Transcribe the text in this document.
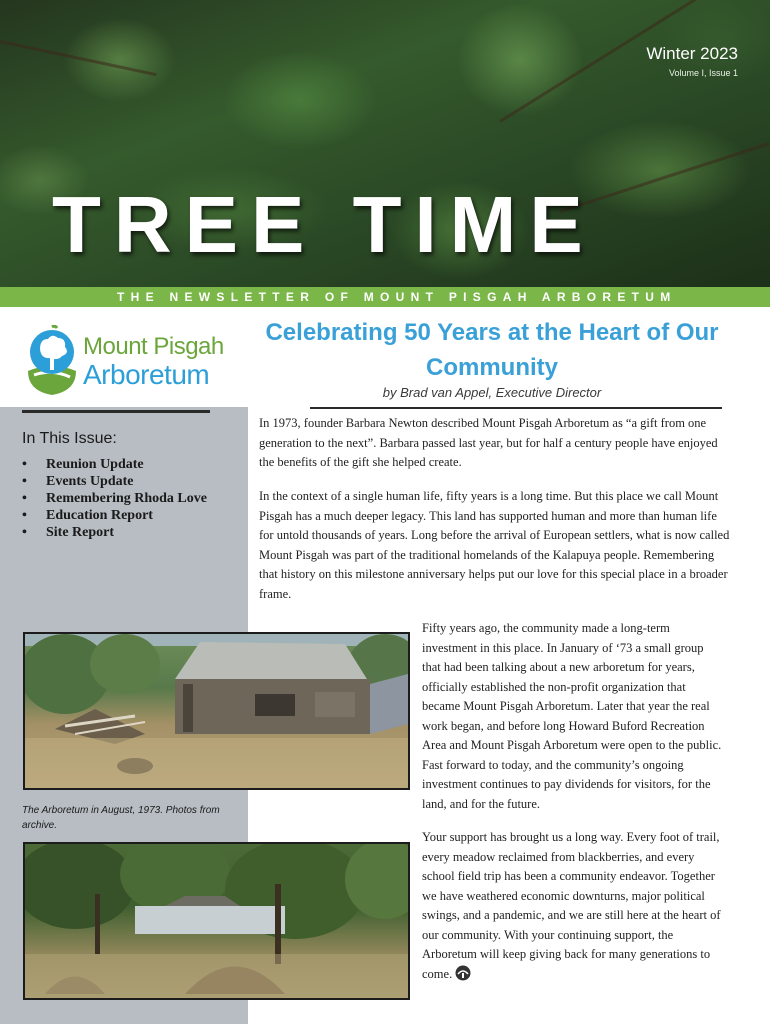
Winter 2023
Volume I, Issue 1
TREE TIME
THE NEWSLETTER OF MOUNT PISGAH ARBORETUM
Mount Pisgah
Arboretum
In This Issue:
• Reunion Update
• Events Update
• Remembering Rhoda Love
• Education Report
• Site Report
The Arboretum in August, 1973. Photos from archive.
Celebrating 50 Years at the Heart of Our Community
by Brad van Appel, Executive Director

In 1973, founder Barbara Newton described Mount Pisgah Arboretum as “a gift from one generation to the next”. Barbara passed last year, but for half a century people have enjoyed the benefits of the gift she helped create.

In the context of a single human life, fifty years is a long time. But this place we call Mount Pisgah has a much deeper legacy. This land has supported human and more than human life for untold thousands of years. Long before the arrival of European settlers, what is now called Mount Pisgah was part of the traditional homelands of the Kalapuya people. Remembering that history on this milestone anniversary helps put our love for this special place in a broader frame.

Fifty years ago, the community made a long-term investment in this place. In January of ‘73 a small group that had been talking about a new arboretum for years, officially established the non-profit organization that became Mount Pisgah Arboretum. Later that year the real work began, and before long Howard Buford Recreation Area and Mount Pisgah Arboretum were open to the public. Fast forward to today, and the community’s ongoing investment continues to pay dividends for visitors, for the land, and for the future.

Your support has brought us a long way. Every foot of trail, every meadow reclaimed from blackberries, and every school field trip has been a community endeavor. Together we have weathered economic downturns, major political swings, and a pandemic, and we are still here at the heart of our community. With your continuing support, the Arboretum will keep giving back for many generations to come.
